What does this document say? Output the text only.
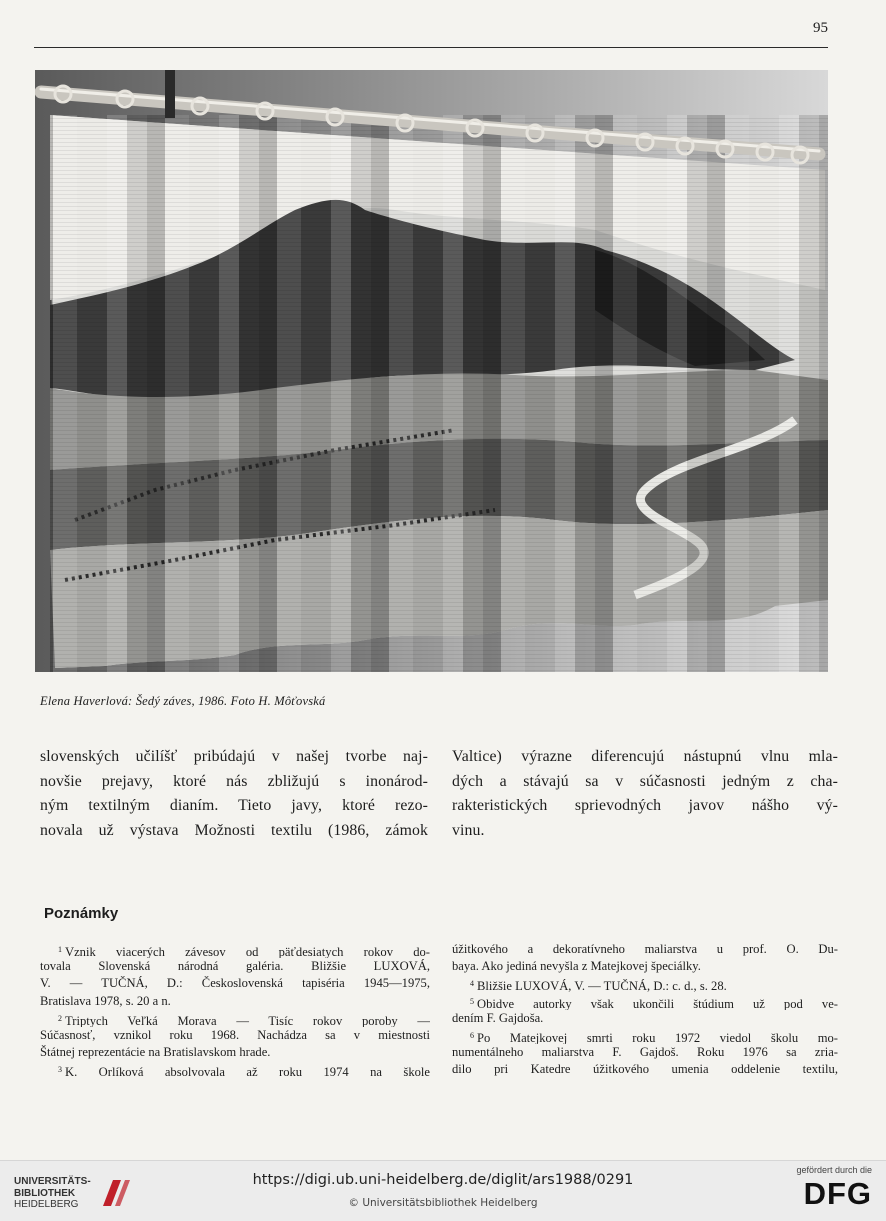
95
Elena Haverlová: Šedý záves, 1986. Foto H. Môťovská
slovenských učilíšť pribúdajú v našej tvorbe naj-
novšie prejavy, ktoré nás zbližujú s inonárod-
ným textilným dianím. Tieto javy, ktoré rezo-
novala už výstava Možnosti textilu (1986, zámok
Valtice) výrazne diferencujú nástupnú vlnu mla-
dých a stávajú sa v súčasnosti jedným z cha-
rakteristických sprievodných javov nášho vý-
vinu.
Poznámky
$^1$ Vznik viacerých závesov od päťdesiatych rokov do-
tovala Slovenská národná galéria. Bližšie LUXOVÁ,
V. — TUČNÁ, D.: Československá tapiséria 1945—1975,
Bratislava 1978, s. 20 a n.
$^2$ Triptych Veľká Morava — Tisíc rokov poroby —
Súčasnosť, vznikol roku 1968. Nachádza sa v miestnosti
Štátnej reprezentácie na Bratislavskom hrade.
$^3$ K. Orlíková absolvovala až roku 1974 na škole
úžitkového a dekoratívneho maliarstva u prof. O. Du-
baya. Ako jediná nevyšla z Matejkovej špeciálky.
$^4$ Bližšie LUXOVÁ, V. — TUČNÁ, D.: c. d., s. 28.
$^5$ Obidve autorky však ukončili štúdium už pod ve-
dením F. Gajdoša.
$^6$ Po Matejkovej smrti roku 1972 viedol školu mo-
numentálneho maliarstva F. Gajdoš. Roku 1976 sa zria-
dilo pri Katedre úžitkového umenia oddelenie textilu,
UNIVERSITÄTS-
BIBLIOTHEK
HEIDELBERG
https://digi.ub.uni-heidelberg.de/diglit/ars1988/0291
© Universitätsbibliothek Heidelberg
gefördert durch die
DFG
